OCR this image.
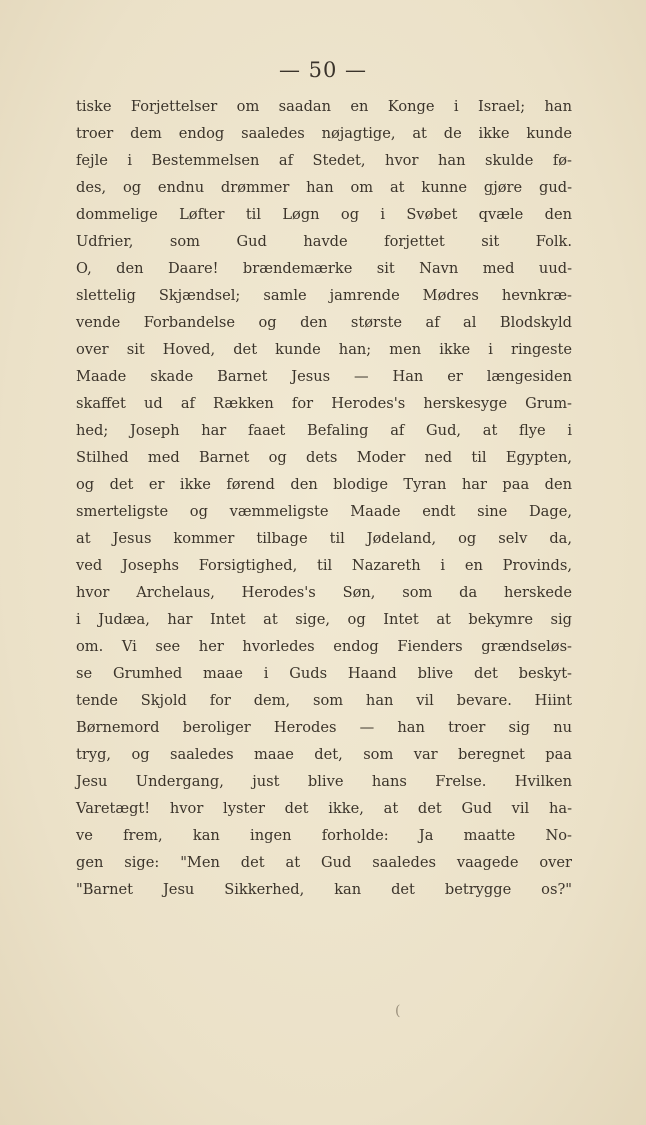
— 50 —
tiske Forjettelser om saadan en Konge i Israel; han
troer dem endog saaledes nøjagtige, at de ikke kunde
fejle i Bestemmelsen af Stedet, hvor han skulde fø-
des, og endnu drømmer han om at kunne gjøre gud-
dommelige Løfter til Løgn og i Svøbet qvæle den
Udfrier, som Gud havde forjettet sit Folk.
O, den Daare! brændemærke sit Navn med uud-
slettelig Skjændsel; samle jamrende Mødres hevnkræ-
vende Forbandelse og den største af al Blodskyld
over sit Hoved, det kunde han; men ikke i ringeste
Maade skade Barnet Jesus — Han er længesiden
skaffet ud af Rækken for Herodes's herskesyge Grum-
hed; Joseph har faaet Befaling af Gud, at flye i
Stilhed med Barnet og dets Moder ned til Egypten,
og det er ikke førend den blodige Tyran har paa den
smerteligste og væmmeligste Maade endt sine Dage,
at Jesus kommer tilbage til Jødeland, og selv da,
ved Josephs Forsigtighed, til Nazareth i en Provinds,
hvor Archelaus, Herodes's Søn, som da herskede
i Judæa, har Intet at sige, og Intet at bekymre sig
om. Vi see her hvorledes endog Fienders grændseløs-
se Grumhed maae i Guds Haand blive det beskyt-
tende Skjold for dem, som han vil bevare. Hiint
Børnemord beroliger Herodes — han troer sig nu
tryg, og saaledes maae det, som var beregnet paa
Jesu Undergang, just blive hans Frelse. Hvilken
Varetægt! hvor lyster det ikke, at det Gud vil ha-
ve frem, kan ingen forholde: Ja maatte No-
gen sige: "Men det at Gud saaledes vaagede over
"Barnet Jesu Sikkerhed, kan det betrygge os?"
(
